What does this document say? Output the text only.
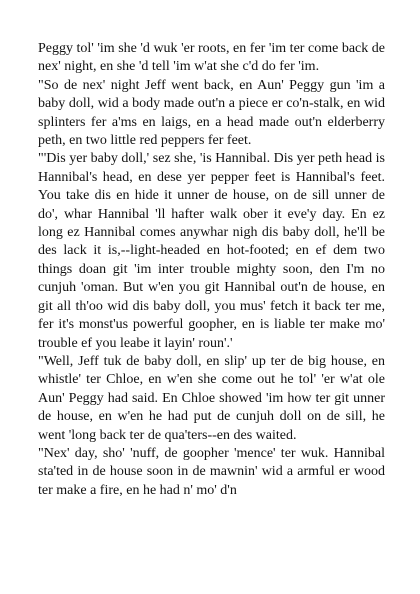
Peggy tol' 'im she 'd wuk 'er roots, en fer 'im ter come back de nex' night, en she 'd tell 'im w'at she c'd do fer 'im.

"So de nex' night Jeff went back, en Aun' Peggy gun 'im a baby doll, wid a body made out'n a piece er co'n-stalk, en wid splinters fer a'ms en laigs, en a head made out'n elderberry peth, en two little red peppers fer feet.

"'Dis yer baby doll,' sez she, 'is Hannibal. Dis yer peth head is Hannibal's head, en dese yer pepper feet is Hannibal's feet. You take dis en hide it unner de house, on de sill unner de do', whar Hannibal 'll hafter walk ober it eve'y day. En ez long ez Hannibal comes anywhar nigh dis baby doll, he'll be des lack it is,--light-headed en hot-footed; en ef dem two things doan git 'im inter trouble mighty soon, den I'm no cunjuh 'oman. But w'en you git Hannibal out'n de house, en git all th'oo wid dis baby doll, you mus' fetch it back ter me, fer it's monst'us powerful goopher, en is liable ter make mo' trouble ef you leabe it layin' roun'.'

"Well, Jeff tuk de baby doll, en slip' up ter de big house, en whistle' ter Chloe, en w'en she come out he tol' 'er w'at ole Aun' Peggy had said. En Chloe showed 'im how ter git unner de house, en w'en he had put de cunjuh doll on de sill, he went 'long back ter de qua'ters--en des waited.

"Nex' day, sho' 'nuff, de goopher 'mence' ter wuk. Hannibal sta'ted in de house soon in de mawnin' wid a armful er wood ter make a fire, en he had n' mo' d'n
